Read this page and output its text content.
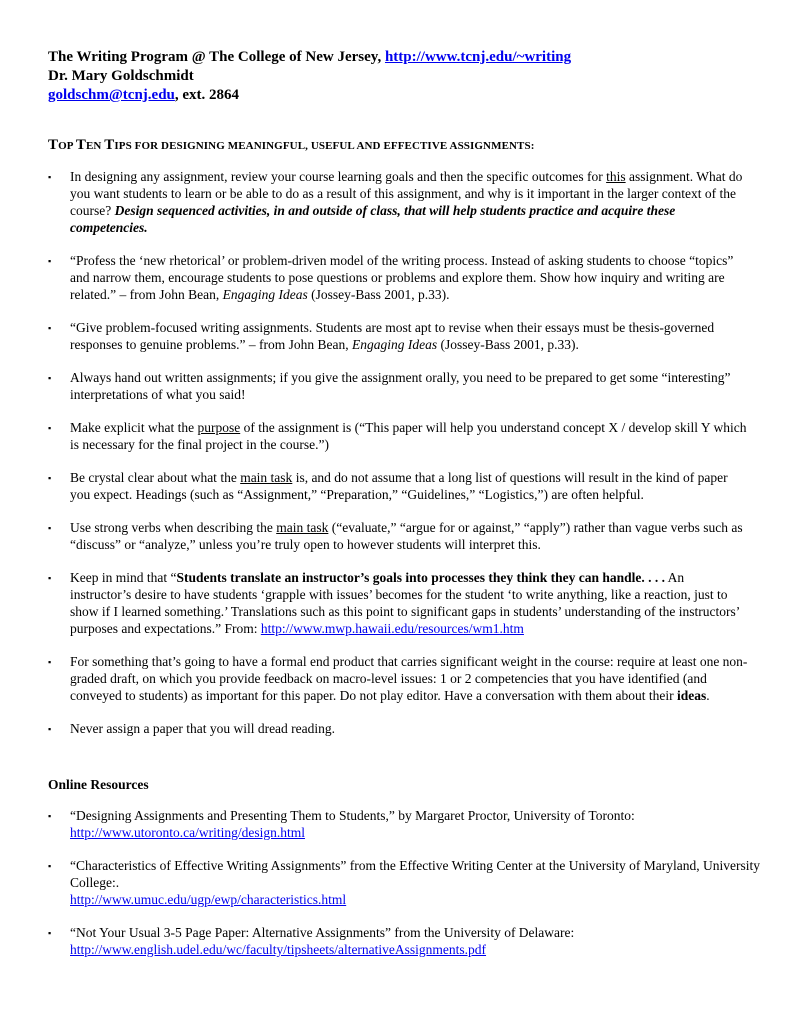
The Writing Program @ The College of New Jersey, http://www.tcnj.edu/~writing
Dr. Mary Goldschmidt
goldschm@tcnj.edu, ext. 2864
TOP TEN TIPS FOR DESIGNING MEANINGFUL, USEFUL AND EFFECTIVE ASSIGNMENTS:
▪ In designing any assignment, review your course learning goals and then the specific outcomes for this assignment. What do you want students to learn or be able to do as a result of this assignment, and why is it important in the larger context of the course? Design sequenced activities, in and outside of class, that will help students practice and acquire these competencies.
▪ “Profess the ‘new rhetorical’ or problem-driven model of the writing process. Instead of asking students to choose “topics” and narrow them, encourage students to pose questions or problems and explore them. Show how inquiry and writing are related.” – from John Bean, Engaging Ideas (Jossey-Bass 2001, p.33).
▪ “Give problem-focused writing assignments. Students are most apt to revise when their essays must be thesis-governed responses to genuine problems.” – from John Bean, Engaging Ideas (Jossey-Bass 2001, p.33).
▪ Always hand out written assignments; if you give the assignment orally, you need to be prepared to get some “interesting” interpretations of what you said!
▪ Make explicit what the purpose of the assignment is (“This paper will help you understand concept X / develop skill Y which is necessary for the final project in the course.”)
▪ Be crystal clear about what the main task is, and do not assume that a long list of questions will result in the kind of paper you expect. Headings (such as “Assignment,” “Preparation,” “Guidelines,” “Logistics,”) are often helpful.
▪ Use strong verbs when describing the main task (“evaluate,” “argue for or against,” “apply”) rather than vague verbs such as “discuss” or “analyze,” unless you’re truly open to however students will interpret this.
▪ Keep in mind that “Students translate an instructor’s goals into processes they think they can handle. . . . An instructor’s desire to have students ‘grapple with issues’ becomes for the student ‘to write anything, like a reaction, just to show if I learned something.’ Translations such as this point to significant gaps in students’ understanding of the instructors’ purposes and expectations.” From: http://www.mwp.hawaii.edu/resources/wm1.htm
▪ For something that’s going to have a formal end product that carries significant weight in the course: require at least one non-graded draft, on which you provide feedback on macro-level issues: 1 or 2 competencies that you have identified (and conveyed to students) as important for this paper. Do not play editor. Have a conversation with them about their ideas.
▪ Never assign a paper that you will dread reading.
Online Resources
▪ “Designing Assignments and Presenting Them to Students,” by Margaret Proctor, University of Toronto:
http://www.utoronto.ca/writing/design.html
▪ “Characteristics of Effective Writing Assignments” from the Effective Writing Center at the University of Maryland, University College:.
http://www.umuc.edu/ugp/ewp/characteristics.html
▪ “Not Your Usual 3-5 Page Paper: Alternative Assignments” from the University of Delaware:
http://www.english.udel.edu/wc/faculty/tipsheets/alternativeAssignments.pdf
